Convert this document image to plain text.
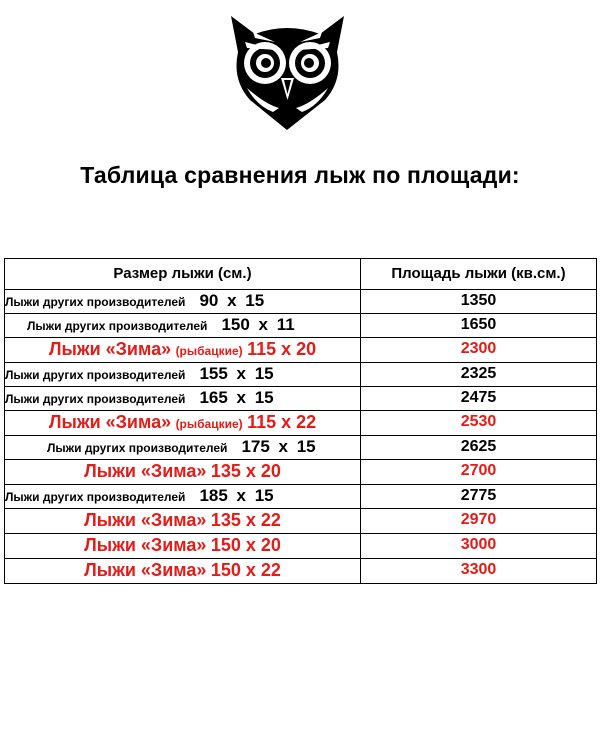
Таблица сравнения лыж по площади:
Размер лыжи (см.)	Площадь лыжи (кв.см.)
Лыжи других производителей 90 x 15	1350
Лыжи других производителей 150 x 11	1650
Лыжи «Зима» (рыбацкие) 115 x 20	2300
Лыжи других производителей 155 x 15	2325
Лыжи других производителей 165 x 15	2475
Лыжи «Зима» (рыбацкие) 115 x 22	2530
Лыжи других производителей 175 x 15	2625
Лыжи «Зима» 135 x 20	2700
Лыжи других производителей 185 x 15	2775
Лыжи «Зима» 135 x 22	2970
Лыжи «Зима» 150 x 20	3000
Лыжи «Зима» 150 x 22	3300
